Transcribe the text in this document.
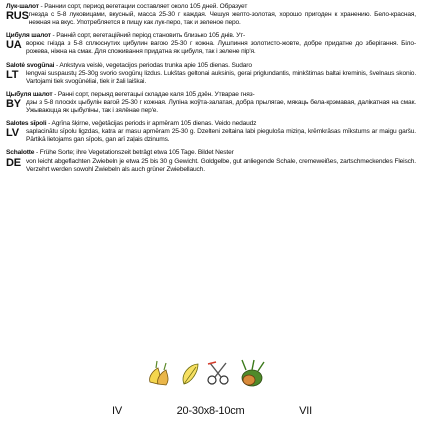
Лук-шалот - Раннии сорт, период вегетации составляет около 105 дней. Образует
RUS гнезда с 5-8 луковицами, вкусный, масса 25-30 г каждая. Чешуя желто-золотая, хорошо пригоден к хранению. Бело-красная, нежная на вкус. Употребляется в пищу как лук-перо, так и зеленое перо.
Цибуля шалот - Ранній сорт, вегетаційний період становить близько 105 днів. Ут-
UA ворює гнізда з 5-8 сплюснутих цибулин вагою 25-30 г кожна. Лушпиння золотисто-жовте, добре придатне до зберігання. Біло-рожева, ніжна на смак. Для споживання придатна як цибуля, так і зелене пір'я.
Šalotė svogūnai - Ankstyva veislė, vegetacijos periodas trunka apie 105 dienas. Sudaro
LT	lengvai suspaustų 25-30g svorio svogūnų lizdus. Lukštas geltonai auksinis, gerai priglundantis, minkštimas baltai kreminis, švelnaus skonio. Vartojami tiek svogūnėliai, tiek ir žali laiškai.
Цыбуля шалот - Ранні сорт, перыяд вегетацыі складае каля 105 дзён. Утварае гняз-
BY дзы з 5-8 плоскіх цыбулін вагой 25-30 г кожная. Лупіна жоўта-залатая, добра прылягае, мякаць бела-крэмавая, далікатная на смак. Ужываюцца як цыбуліны, так і зялёнае пер'е.
Šalotes sīpoli - Agrīna šķirne, veģetācijas periods ir apmēram 105 dienas. Veido nedaudz
LV	saplacinātu sīpolu ligzdas, katra ar masu apmēram 25-30 g. Dzelteni zeltaina labi pieguloša miziņa, krēmkrāsas mīkstums ar maigu garšu. Pārtikā lietojams gan sīpols, gan arī zaļais dzinums.
Schalotte - Frühe Sorte; ihre Vegetationszeit beträgt etwa 105 Tage. Bildet Nester
DE von leicht abgeflachten Zwiebeln je etwa 25 bis 30 g Gewicht. Goldgelbe, gut anliegende Schale, cremeweißes, zartschmeckendes Fleisch. Verzehrt werden sowohl Zwiebeln als auch grüner Zwiebellauch.
IV	20-30x8-10cm	VII
